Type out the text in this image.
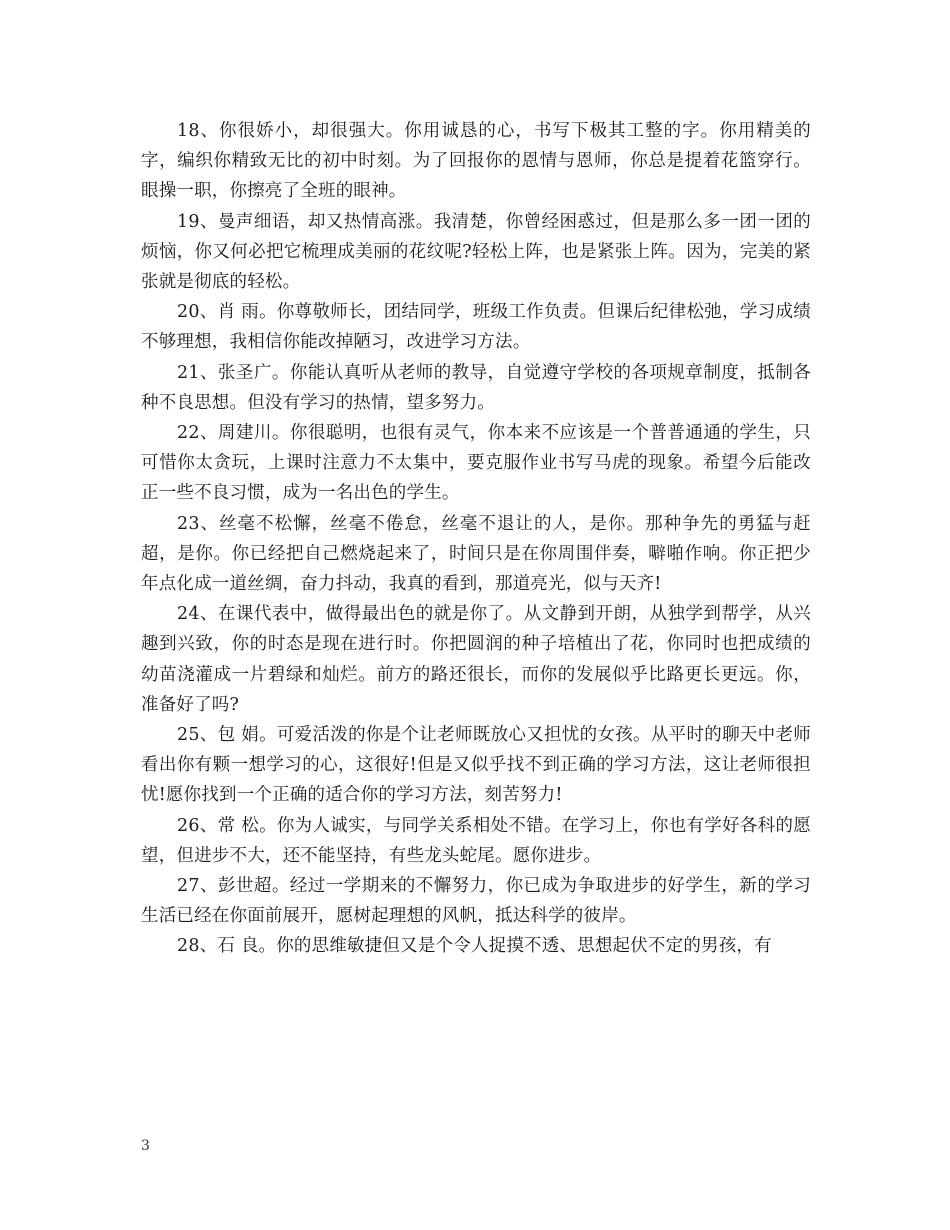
18、你很娇小，却很强大。你用诚恳的心，书写下极其工整的字。你用精美的字，编织你精致无比的初中时刻。为了回报你的恩情与恩师，你总是提着花篮穿行。眼操一职，你擦亮了全班的眼神。

19、曼声细语，却又热情高涨。我清楚，你曾经困惑过，但是那么多一团一团的烦恼，你又何必把它梳理成美丽的花纹呢?轻松上阵，也是紧张上阵。因为，完美的紧张就是彻底的轻松。

20、肖 雨。你尊敬师长，团结同学，班级工作负责。但课后纪律松弛，学习成绩不够理想，我相信你能改掉陋习，改进学习方法。

21、张圣广。你能认真听从老师的教导，自觉遵守学校的各项规章制度，抵制各种不良思想。但没有学习的热情，望多努力。

22、周建川。你很聪明，也很有灵气，你本来不应该是一个普普通通的学生，只可惜你太贪玩，上课时注意力不太集中，要克服作业书写马虎的现象。希望今后能改正一些不良习惯，成为一名出色的学生。

23、丝毫不松懈，丝毫不倦怠，丝毫不退让的人，是你。那种争先的勇猛与赶超，是你。你已经把自己燃烧起来了，时间只是在你周围伴奏，噼啪作响。你正把少年点化成一道丝绸，奋力抖动，我真的看到，那道亮光，似与天齐!

24、在课代表中，做得最出色的就是你了。从文静到开朗，从独学到帮学，从兴趣到兴致，你的时态是现在进行时。你把圆润的种子培植出了花，你同时也把成绩的幼苗浇灌成一片碧绿和灿烂。前方的路还很长，而你的发展似乎比路更长更远。你，准备好了吗?

25、包 娟。可爱活泼的你是个让老师既放心又担忧的女孩。从平时的聊天中老师看出你有颗一想学习的心，这很好!但是又似乎找不到正确的学习方法，这让老师很担忧!愿你找到一个正确的适合你的学习方法，刻苦努力!

26、常 松。你为人诚实，与同学关系相处不错。在学习上，你也有学好各科的愿望，但进步不大，还不能坚持，有些龙头蛇尾。愿你进步。

27、彭世超。经过一学期来的不懈努力，你已成为争取进步的好学生，新的学习生活已经在你面前展开，愿树起理想的风帆，抵达科学的彼岸。

28、石 良。你的思维敏捷但又是个令人捉摸不透、思想起伏不定的男孩，有

3
